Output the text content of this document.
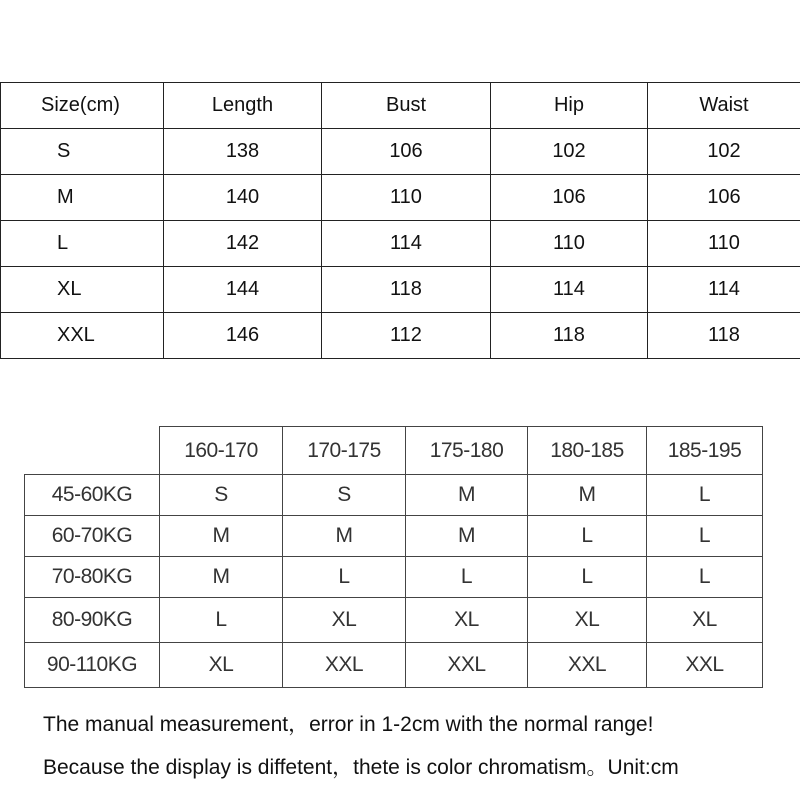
Size(cm)	Length	Bust	Hip	Waist
S	138	106	102	102
M	140	110	106	106
L	142	114	110	110
XL	144	118	114	114
XXL	146	112	118	118
	160-170	170-175	175-180	180-185	185-195
45-60KG	S	S	M	M	L
60-70KG	M	M	M	L	L
70-80KG	M	L	L	L	L
80-90KG	L	XL	XL	XL	XL
90-110KG	XL	XXL	XXL	XXL	XXL
The manual measurement，error in 1-2cm with the normal range!
Because the display is diffetent，thete is color chromatism。Unit:cm
